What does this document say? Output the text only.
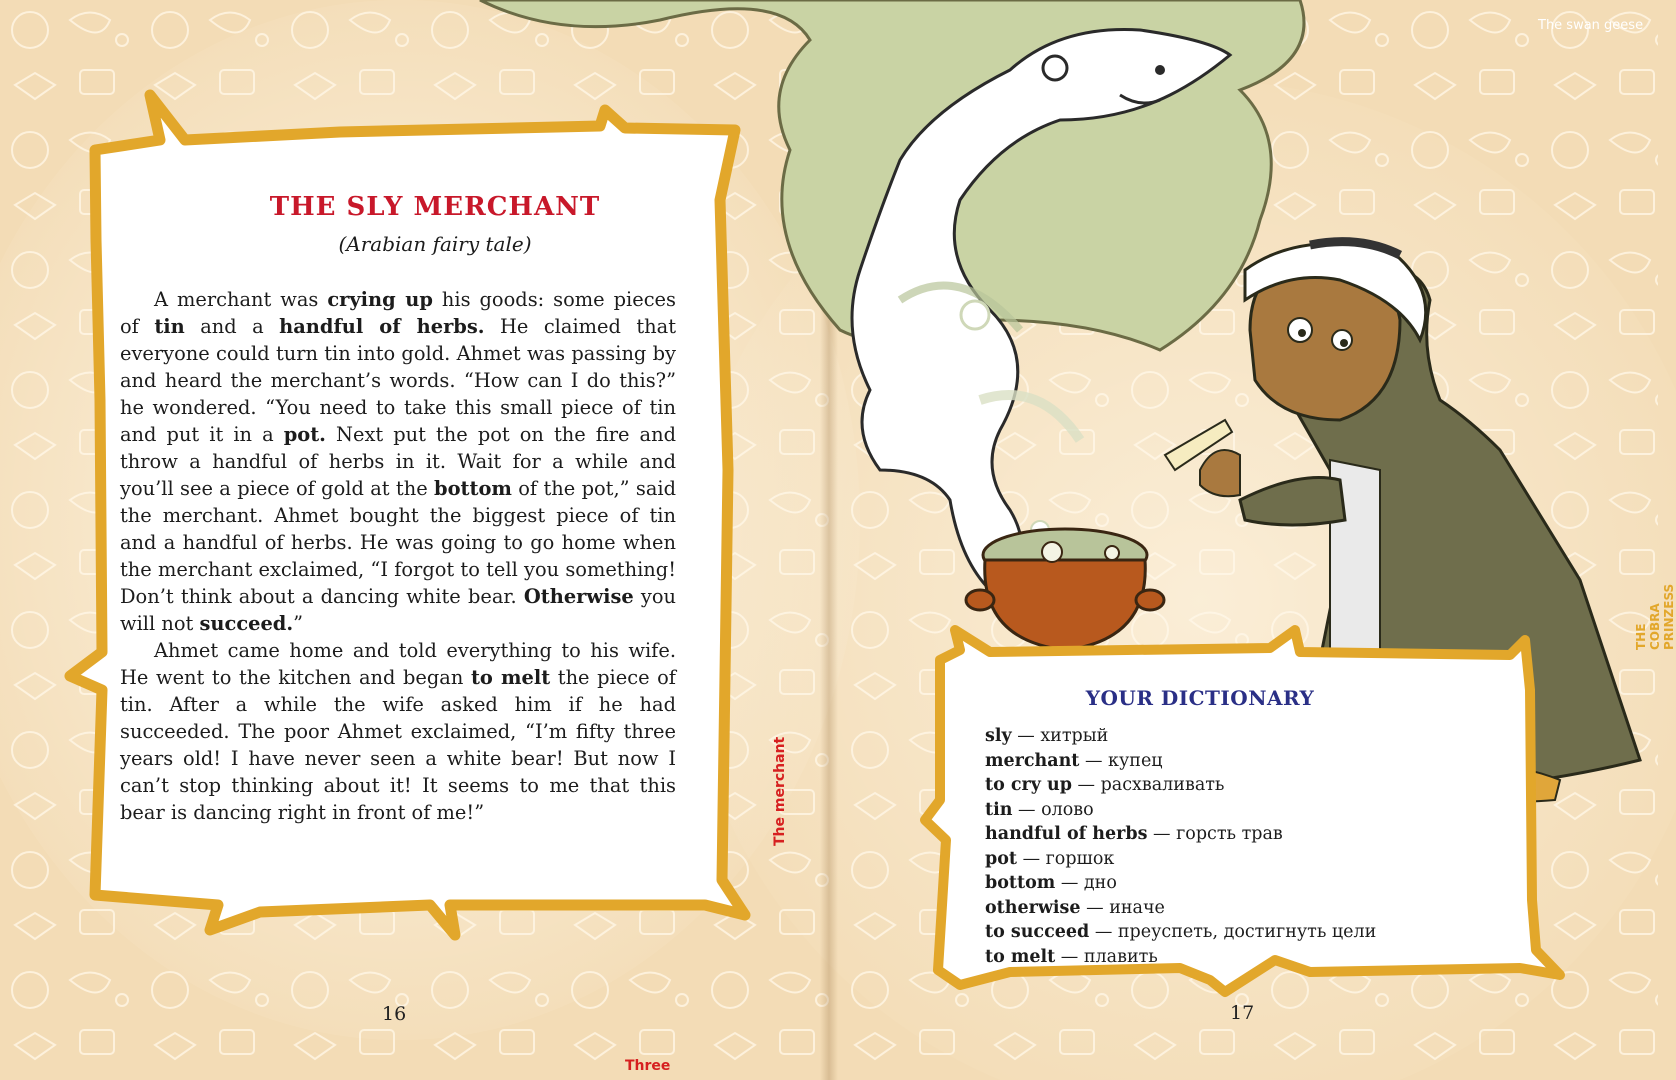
THE SLY MERCHANT
(Arabian fairy tale)

A merchant was crying up his goods: some pieces of tin and a handful of herbs. He claimed that everyone could turn tin into gold. Ahmet was passing by and heard the merchant’s words. “How can I do this?” he wondered. “You need to take this small piece of tin and put it in a pot. Next put the pot on the fire and throw a handful of herbs in it. Wait for a while and you’ll see a piece of gold at the bottom of the pot,” said the merchant. Ahmet bought the biggest piece of tin and a handful of herbs. He was going to go home when the merchant exclaimed, “I forgot to tell you something! Don’t think about a dancing white bear. Otherwise you will not succeed.”

Ahmet came home and told everything to his wife. He went to the kitchen and began to melt the piece of tin. After a while the wife asked him if he had succeeded. The poor Ahmet exclaimed, “I’m fifty three years old! I have never seen a white bear! But now I can’t stop thinking about it! It seems to me that this bear is dancing right in front of me!”

16
YOUR DICTIONARY
sly — хитрый
merchant — купец
to cry up — расхваливать
tin — олово
handful of herbs — горсть трав
pot — горшок
bottom — дно
otherwise — иначе
to succeed — преуспеть, достигнуть цели
to melt — плавить
17
The merchant
The swan geese
THE COBRA PRINZESS
Three
